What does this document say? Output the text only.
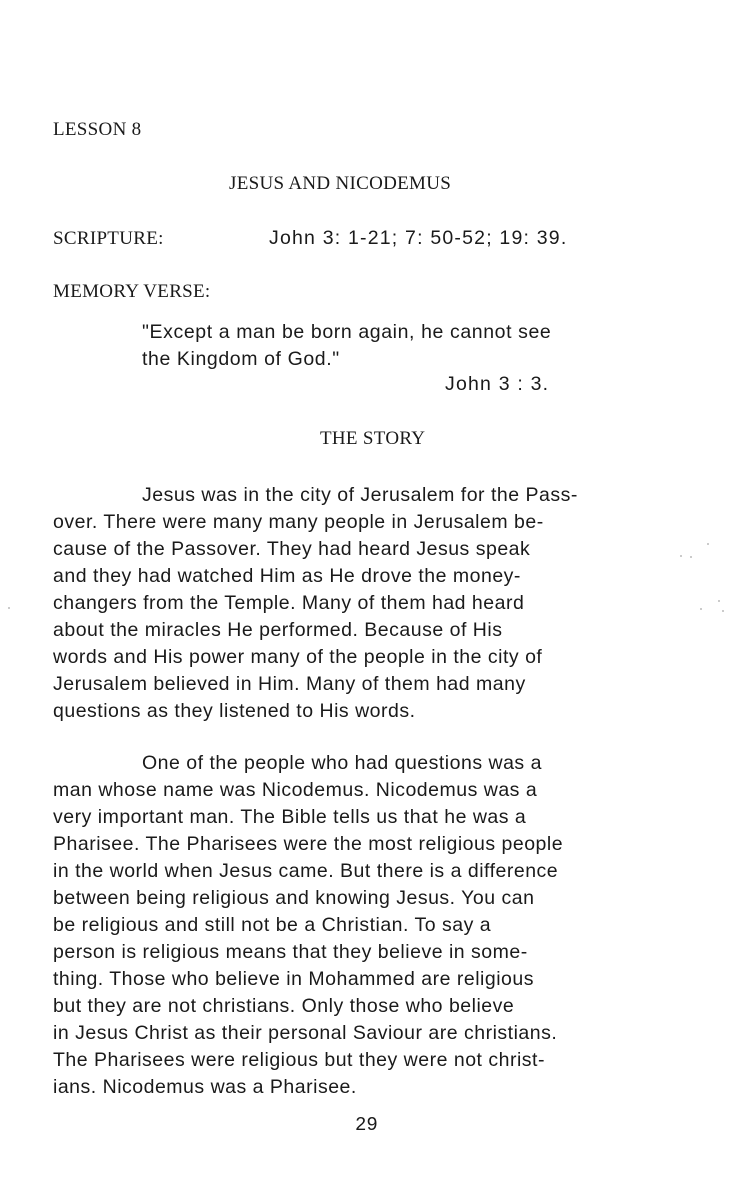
LESSON 8
JESUS AND NICODEMUS
SCRIPTURE:	John 3: 1-21; 7: 50-52; 19: 39.
MEMORY VERSE:
"Except a man be born again, he cannot see
the Kingdom of God."
John 3 : 3.
THE STORY
Jesus was in the city of Jerusalem for the Pass-
over. There were many many people in Jerusalem be-
cause of the Passover. They had heard Jesus speak
and they had watched Him as He drove the money-
changers from the Temple. Many of them had heard
about the miracles He performed. Because of His
words and His power many of the people in the city of
Jerusalem believed in Him. Many of them had many
questions as they listened to His words.
One of the people who had questions was a
man whose name was Nicodemus. Nicodemus was a
very important man. The Bible tells us that he was a
Pharisee. The Pharisees were the most religious people
in the world when Jesus came. But there is a difference
between being religious and knowing Jesus. You can
be religious and still not be a Christian. To say a
person is religious means that they believe in some-
thing. Those who believe in Mohammed are religious
but they are not christians. Only those who believe
in Jesus Christ as their personal Saviour are christians.
The Pharisees were religious but they were not christ-
ians. Nicodemus was a Pharisee.
29
